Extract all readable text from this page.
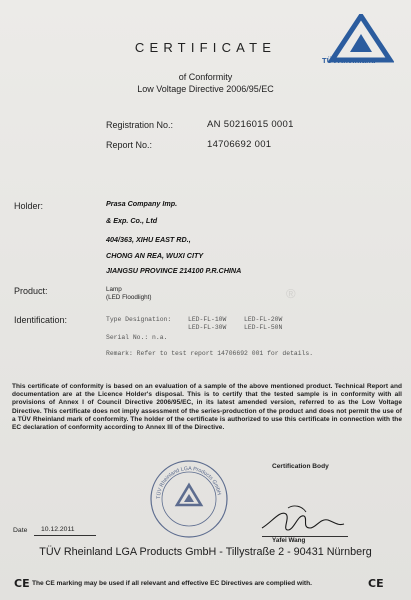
TÜVRheinland
CERTIFICATE
of Conformity
Low Voltage Directive 2006/95/EC
Registration No.:	AN 50216015 0001
Report No.:	14706692 001
Holder:	Prasa Company Imp.
& Exp. Co., Ltd
404/363, XIHU EAST RD.,
CHONG AN REA, WUXI CITY
JIANGSU PROVINCE 214100 P.R.CHINA
Product:	Lamp
(LED Floodlight)	®

Identification:	Type Designation:	LED-FL-10W	LED-FL-20W
LED-FL-30W	LED-FL-50N
Serial No.: n.a.
Remark: Refer to test report 14706692 001 for details.
This certificate of conformity is based on an evaluation of a sample of the above mentioned product. Technical Report and documentation are at the Licence Holder's disposal. This is to certify that the tested sample is in conformity with all provisions of Annex I of Council Directive 2006/95/EC, in its latest amended version, referred to as the Low Voltage Directive. This certificate does not imply assessment of the series-production of the product and does not permit the use of a TÜV Rheinland mark of conformity. The holder of the certificate is authorized to use this certificate in connection with the EC declaration of conformity according to Annex III of the Directive.
Certification Body
TÜV Rheinland LGA Products GmbH
Date 10.12.2011
Yafei Wang
TÜV Rheinland LGA Products GmbH - Tillystraße 2 - 90431 Nürnberg
CE The CE marking may be used if all relevant and effective EC Directives are complied with.	CE
